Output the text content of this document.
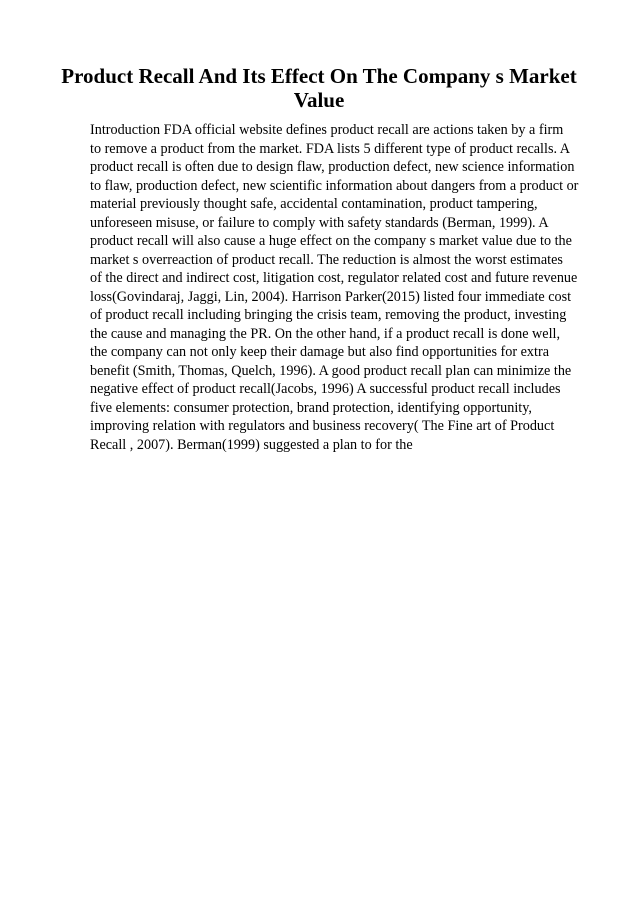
Product Recall And Its Effect On The Company s Market
Value

Introduction FDA official website defines product recall are actions taken by a firm
to remove a product from the market. FDA lists 5 different type of product recalls. A
product recall is often due to design flaw, production defect, new science information
to flaw, production defect, new scientific information about dangers from a product or
material previously thought safe, accidental contamination, product tampering,
unforeseen misuse, or failure to comply with safety standards (Berman, 1999). A
product recall will also cause a huge effect on the company s market value due to the
market s overreaction of product recall. The reduction is almost the worst estimates
of the direct and indirect cost, litigation cost, regulator related cost and future revenue
loss(Govindaraj, Jaggi, Lin, 2004). Harrison Parker(2015) listed four immediate cost
of product recall including bringing the crisis team, removing the product, investing
the cause and managing the PR. On the other hand, if a product recall is done well,
the company can not only keep their damage but also find opportunities for extra
benefit (Smith, Thomas, Quelch, 1996). A good product recall plan can minimize the
negative effect of product recall(Jacobs, 1996) A successful product recall includes
five elements: consumer protection, brand protection, identifying opportunity,
improving relation with regulators and business recovery( The Fine art of Product
Recall , 2007). Berman(1999) suggested a plan to for the
